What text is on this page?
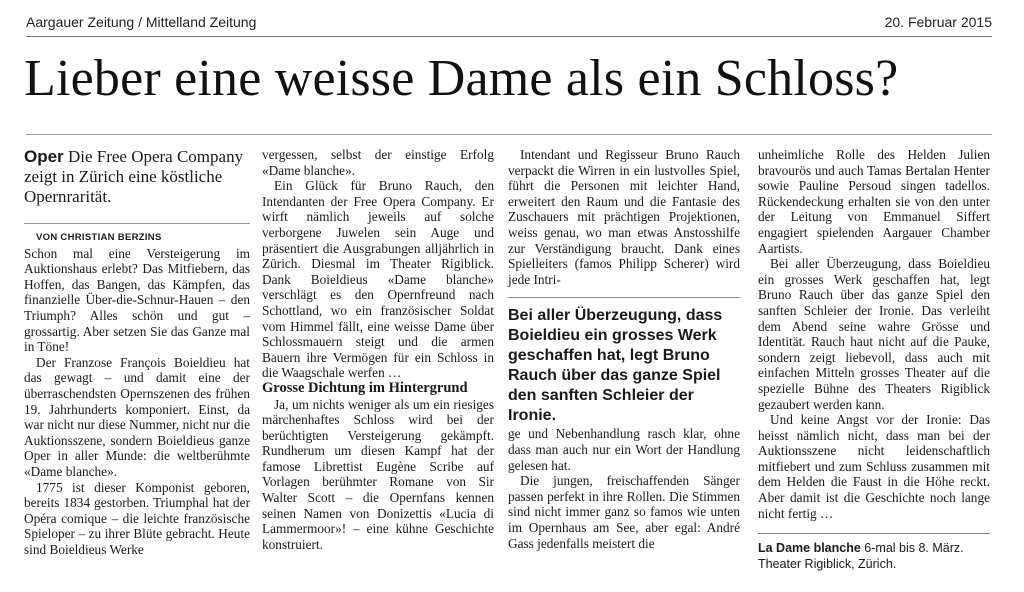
Aargauer Zeitung / Mittelland Zeitung	20. Februar 2015
Lieber eine weisse Dame als ein Schloss?
Oper Die Free Opera Company zeigt in Zürich eine köstliche Opernrarität.

VON CHRISTIAN BERZINS

Schon mal eine Versteigerung im Auktionshaus erlebt? Das Mitfiebern, das Hoffen, das Bangen, das Kämpfen, das finanzielle Über-die-Schnur-Hauen – den Triumph? Alles schön und gut – grossartig. Aber setzen Sie das Ganze mal in Töne!

Der Franzose François Boieldieu hat das gewagt – und damit eine der überraschendsten Opernszenen des frühen 19. Jahrhunderts komponiert. Einst, da war nicht nur diese Nummer, nicht nur die Auktionsszene, sondern Boieldieus ganze Oper in aller Munde: die weltberühmte «Dame blanche».

1775 ist dieser Komponist geboren, bereits 1834 gestorben. Triumphal hat der Opéra comique – die leichte französische Spieloper – zu ihrer Blüte gebracht. Heute sind Boieldieus Werke

vergessen, selbst der einstige Erfolg «Dame blanche».

Ein Glück für Bruno Rauch, den Intendanten der Free Opera Company. Er wirft nämlich jeweils auf solche verborgene Juwelen sein Auge und präsentiert die Ausgrabungen alljährlich in Zürich. Diesmal im Theater Rigiblick. Dank Boieldieus «Dame blanche» verschlägt es den Opernfreund nach Schottland, wo ein französischer Soldat vom Himmel fällt, eine weisse Dame über Schlossmauern steigt und die armen Bauern ihre Vermögen für ein Schloss in die Waagschale werfen …

Grosse Dichtung im Hintergrund

Ja, um nichts weniger als um ein riesiges märchenhaftes Schloss wird bei der berüchtigten Versteigerung gekämpft. Rundherum um diesen Kampf hat der famose Librettist Eugène Scribe auf Vorlagen berühmter Romane von Sir Walter Scott – die Opernfans kennen seinen Namen von Donizettis «Lucia di Lammermoor»! – eine kühne Geschichte konstruiert.

Intendant und Regisseur Bruno Rauch verpackt die Wirren in ein lustvolles Spiel, führt die Personen mit leichter Hand, erweitert den Raum und die Fantasie des Zuschauers mit prächtigen Projektionen, weiss genau, wo man etwas Anstosshilfe zur Verständigung braucht. Dank eines Spielleiters (famos Philipp Scherer) wird jede Intri-

Bei aller Überzeugung, dass Boieldieu ein grosses Werk geschaffen hat, legt Bruno Rauch über das ganze Spiel den sanften Schleier der Ironie.

ge und Nebenhandlung rasch klar, ohne dass man auch nur ein Wort der Handlung gelesen hat.

Die jungen, freischaffenden Sänger passen perfekt in ihre Rollen. Die Stimmen sind nicht immer ganz so famos wie unten im Opernhaus am See, aber egal: André Gass jedenfalls meistert die

unheimliche Rolle des Helden Julien bravourös und auch Tamas Bertalan Henter sowie Pauline Persoud singen tadellos. Rückendeckung erhalten sie von den unter der Leitung von Emmanuel Siffert engagiert spielenden Aargauer Chamber Aartists.

Bei aller Überzeugung, dass Boieldieu ein grosses Werk geschaffen hat, legt Bruno Rauch über das ganze Spiel den sanften Schleier der Ironie. Das verleiht dem Abend seine wahre Grösse und Identität. Rauch haut nicht auf die Pauke, sondern zeigt liebevoll, dass auch mit einfachen Mitteln grosses Theater auf die spezielle Bühne des Theaters Rigiblick gezaubert werden kann.

Und keine Angst vor der Ironie: Das heisst nämlich nicht, dass man bei der Auktionsszene nicht leidenschaftlich mitfiebert und zum Schluss zusammen mit dem Helden die Faust in die Höhe reckt. Aber damit ist die Geschichte noch lange nicht fertig …

La Dame blanche 6-mal bis 8. März. Theater Rigiblick, Zürich.
